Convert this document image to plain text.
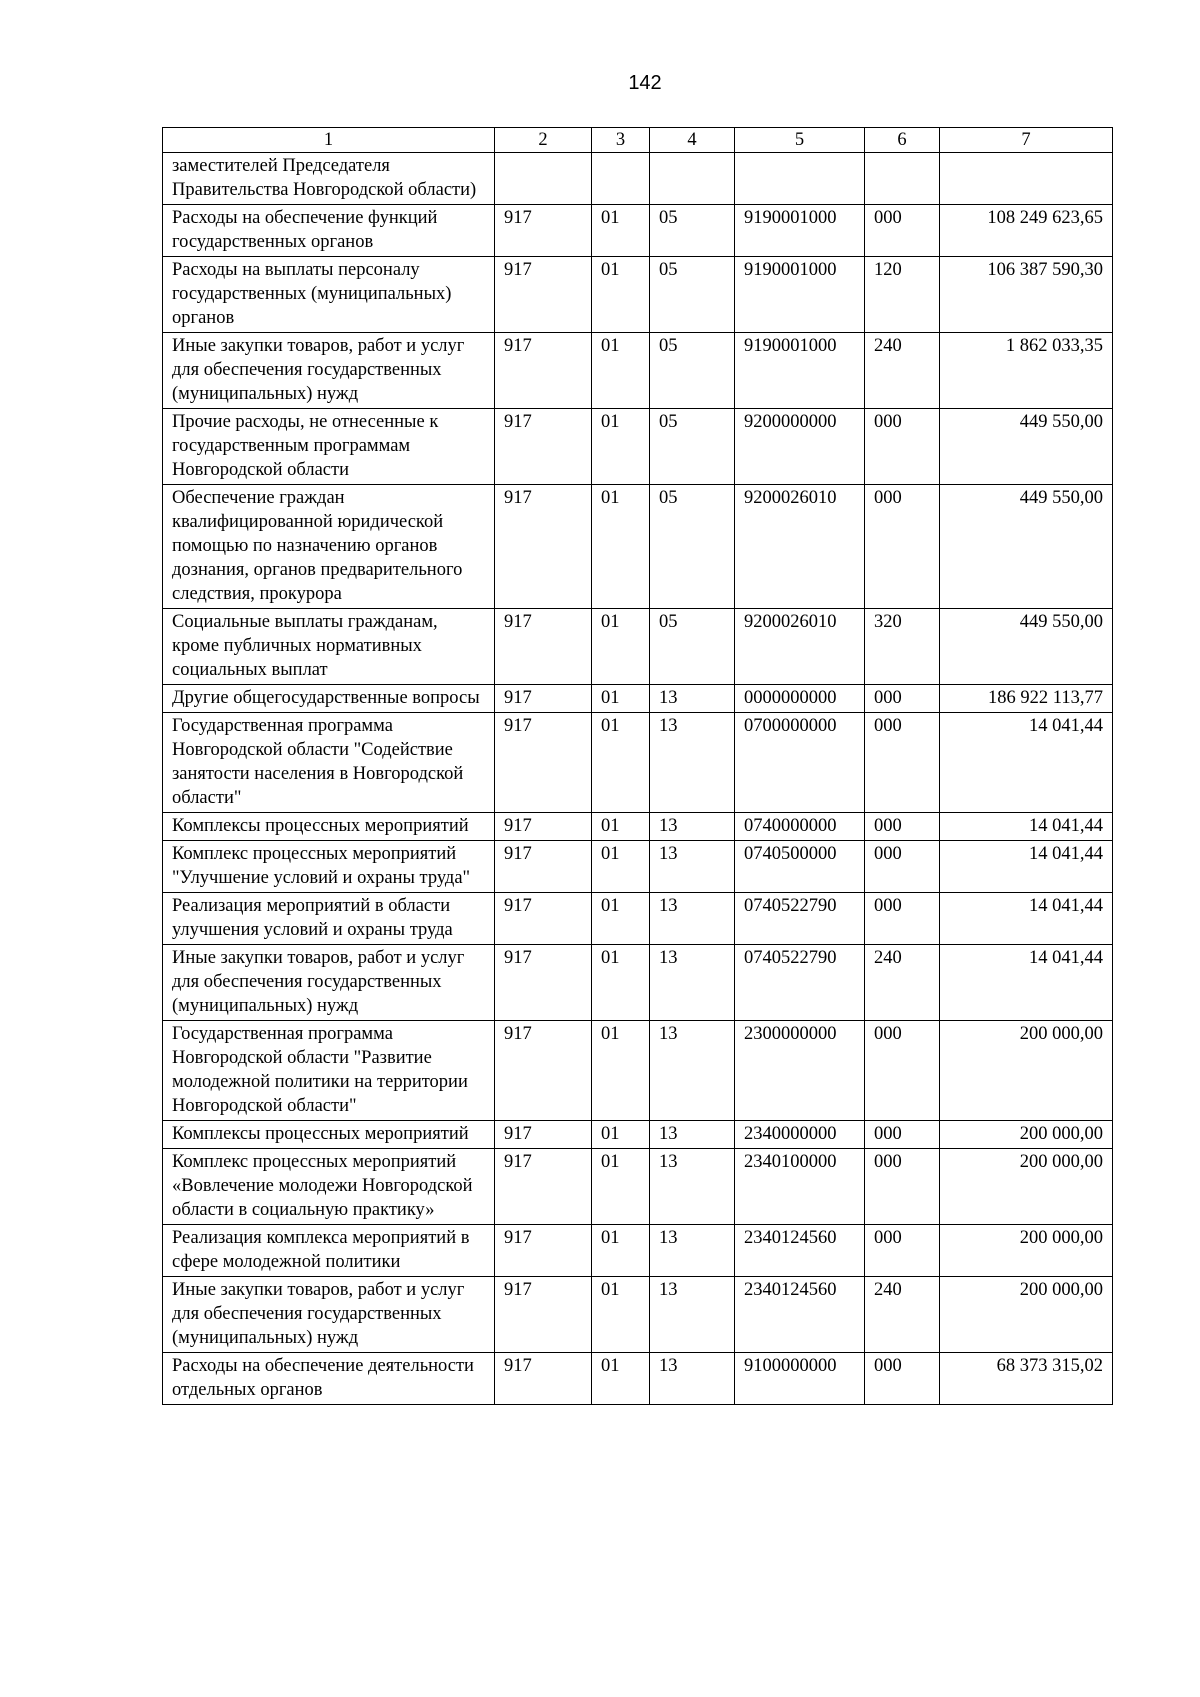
142
1	2	3	4	5	6	7
заместителей Председателя Правительства Новгородской области)						
Расходы на обеспечение функций государственных органов	917	01	05	9190001000	000	108 249 623,65
Расходы на выплаты персоналу государственных (муниципальных) органов	917	01	05	9190001000	120	106 387 590,30
Иные закупки товаров, работ и услуг для обеспечения государственных (муниципальных) нужд	917	01	05	9190001000	240	1 862 033,35
Прочие расходы, не отнесенные к государственным программам Новгородской области	917	01	05	9200000000	000	449 550,00
Обеспечение граждан квалифицированной юридической помощью по назначению органов дознания, органов предварительного следствия, прокурора	917	01	05	9200026010	000	449 550,00
Социальные выплаты гражданам, кроме публичных нормативных социальных выплат	917	01	05	9200026010	320	449 550,00
Другие общегосударственные вопросы	917	01	13	0000000000	000	186 922 113,77
Государственная программа Новгородской области "Содействие занятости населения в Новгородской области"	917	01	13	0700000000	000	14 041,44
Комплексы процессных мероприятий	917	01	13	0740000000	000	14 041,44
Комплекс процессных мероприятий "Улучшение условий и охраны труда"	917	01	13	0740500000	000	14 041,44
Реализация мероприятий в области улучшения условий и охраны труда	917	01	13	0740522790	000	14 041,44
Иные закупки товаров, работ и услуг для обеспечения государственных (муниципальных) нужд	917	01	13	0740522790	240	14 041,44
Государственная программа Новгородской области "Развитие молодежной политики на территории Новгородской области"	917	01	13	2300000000	000	200 000,00
Комплексы процессных мероприятий	917	01	13	2340000000	000	200 000,00
Комплекс процессных мероприятий «Вовлечение молодежи Новгородской области в социальную практику»	917	01	13	2340100000	000	200 000,00
Реализация комплекса мероприятий в сфере молодежной политики	917	01	13	2340124560	000	200 000,00
Иные закупки товаров, работ и услуг для обеспечения государственных (муниципальных) нужд	917	01	13	2340124560	240	200 000,00
Расходы на обеспечение деятельности отдельных органов	917	01	13	9100000000	000	68 373 315,02
